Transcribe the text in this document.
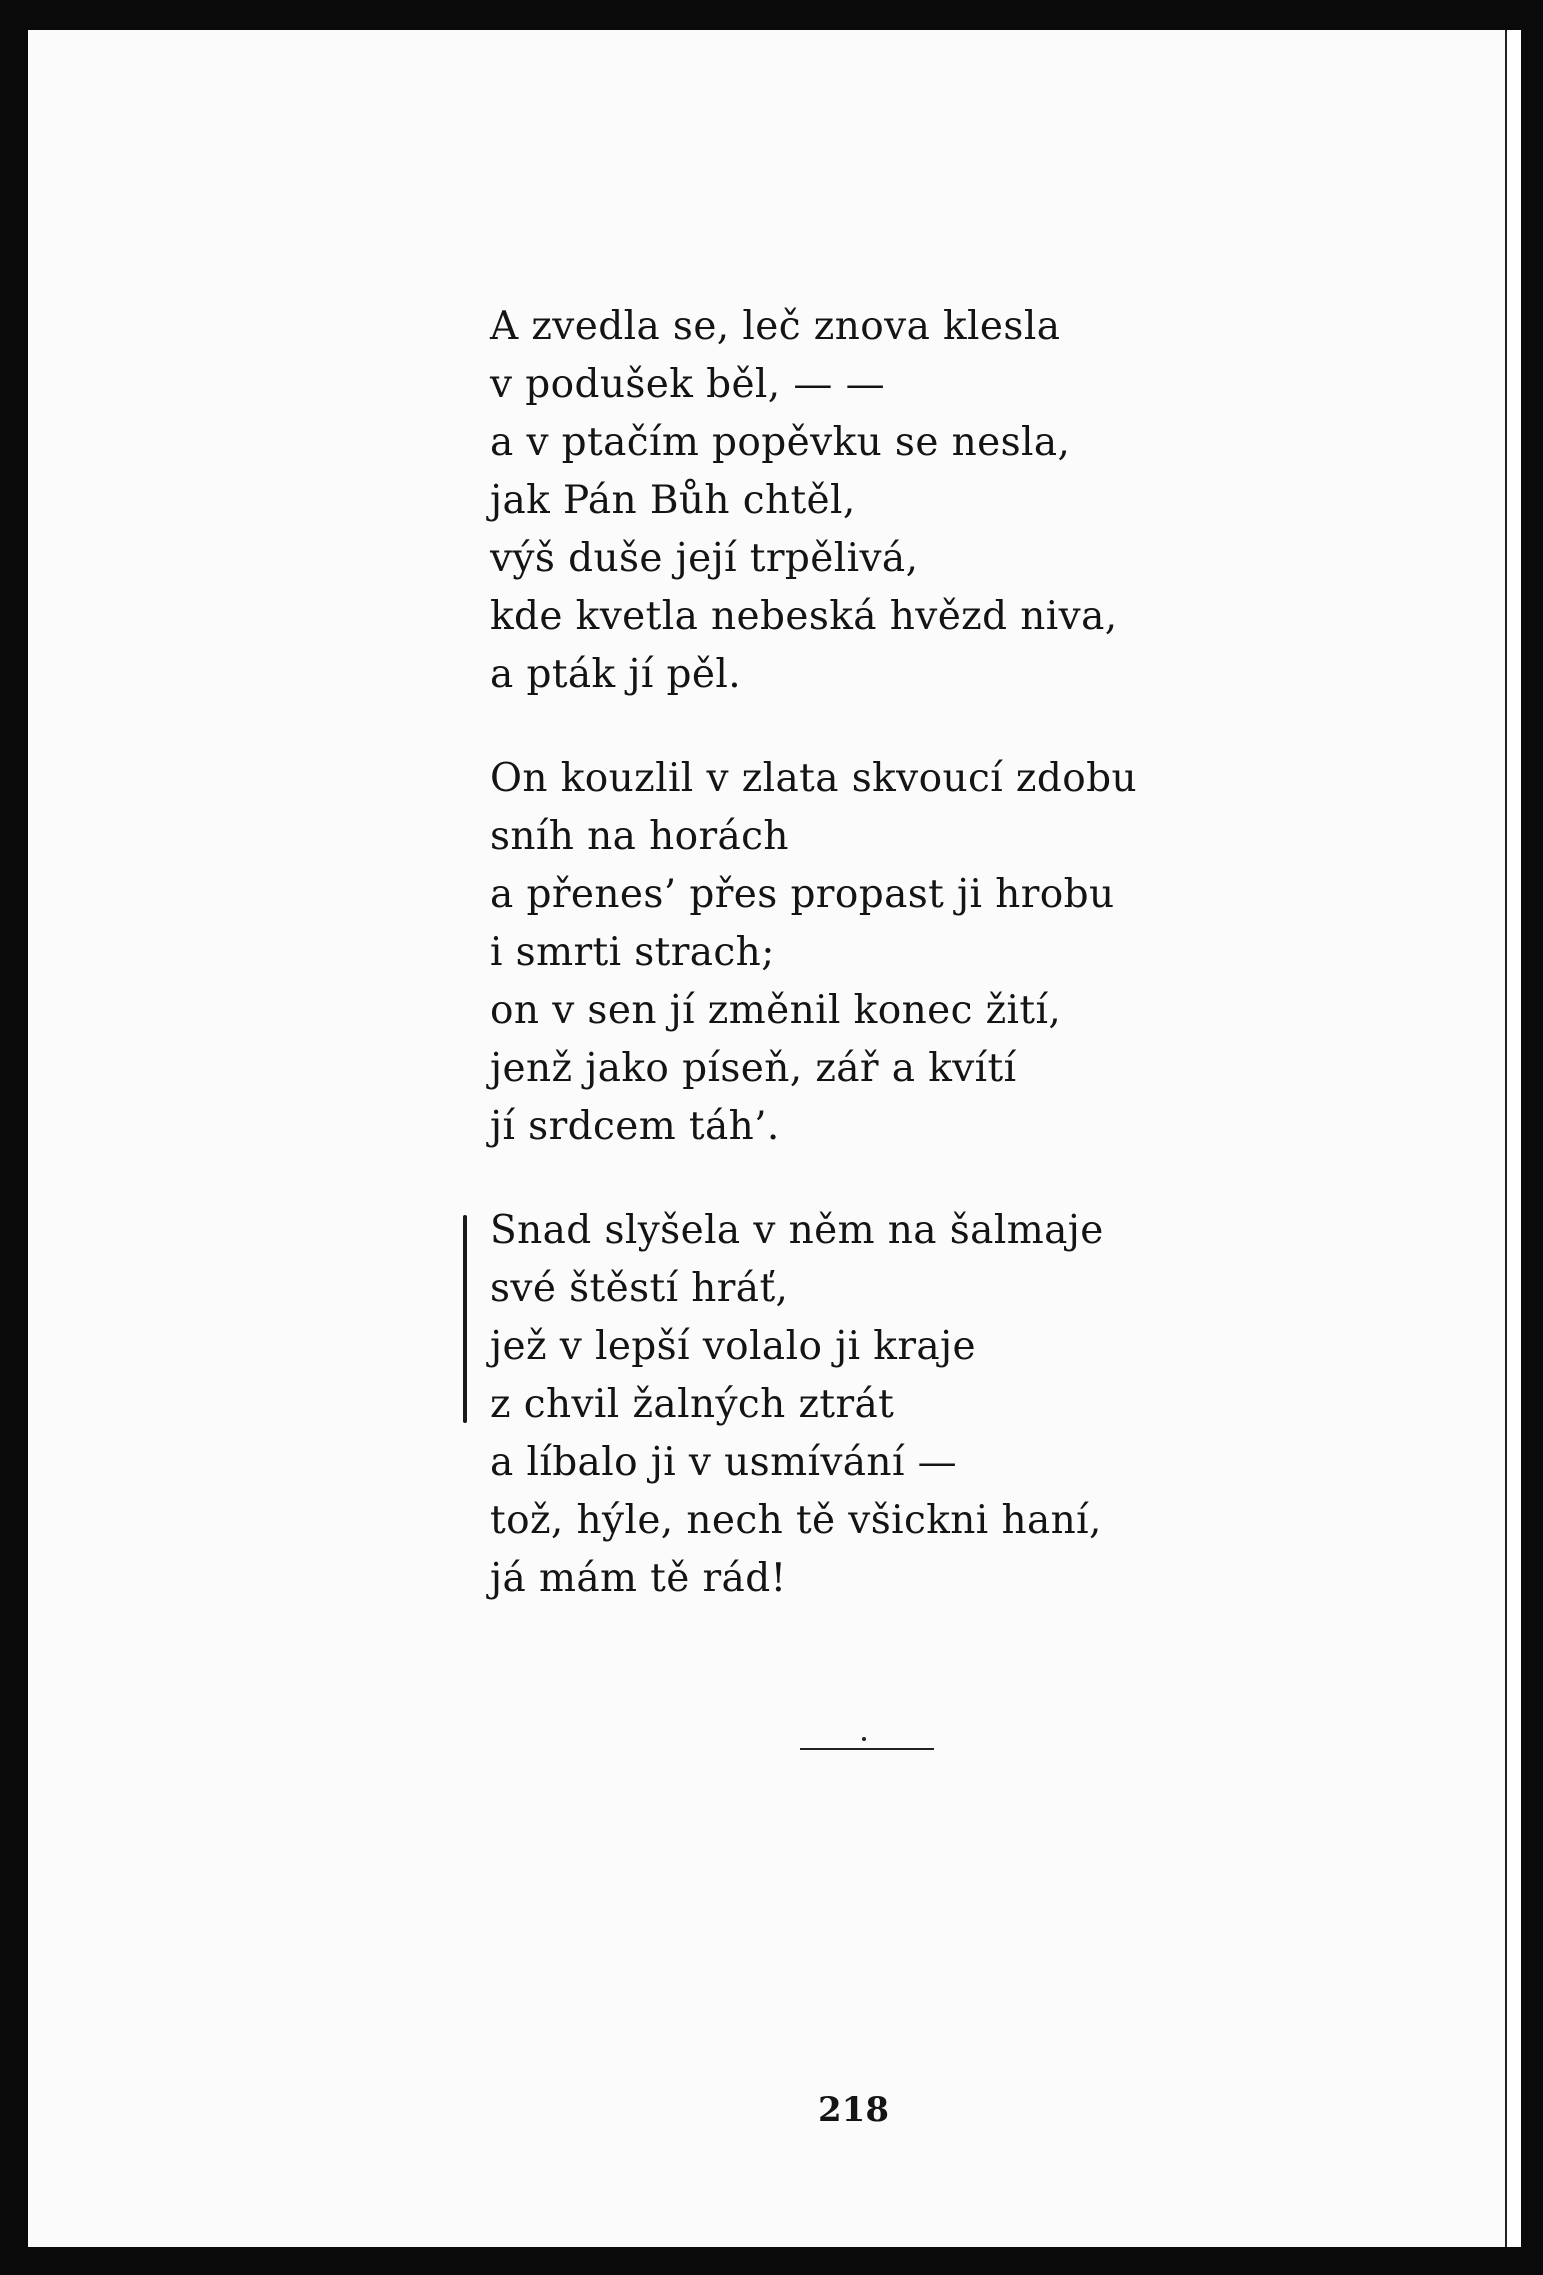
A zvedla se, leč znova klesla
v podušek běl, — —
a v ptačím popěvku se nesla,
jak Pán Bůh chtěl,
výš duše její trpělivá,
kde kvetla nebeská hvězd niva,
a pták jí pěl.
On kouzlil v zlata skvoucí zdobu
sníh na horách
a přenes’ přes propast ji hrobu
i smrti strach;
on v sen jí změnil konec žití,
jenž jako píseň, zář a kvítí
jí srdcem táh’.
Snad slyšela v něm na šalmaje
své štěstí hráť,
jež v lepší volalo ji kraje
z chvil žalných ztrát
a líbalo ji v usmívání —
tož, hýle, nech tě všickni haní,
já mám tě rád!
218
